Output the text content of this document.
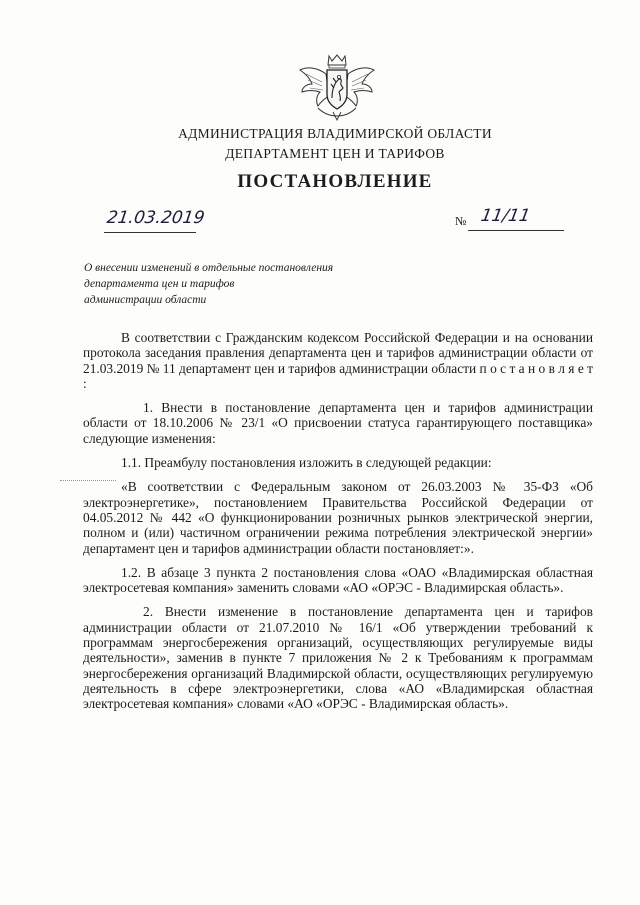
АДМИНИСТРАЦИЯ ВЛАДИМИРСКОЙ ОБЛАСТИ
ДЕПАРТАМЕНТ ЦЕН И ТАРИФОВ
ПОСТАНОВЛЕНИЕ
21.03.2019	№ 11/11
О внесении изменений в отдельные постановления
департамента цен и тарифов
администрации области

В соответствии с Гражданским кодексом Российской Федерации и на основании протокола заседания правления департамента цен и тарифов администрации области от 21.03.2019 № 11 департамент цен и тарифов администрации области п о с т а н о в л я е т :

1. Внести в постановление департамента цен и тарифов администрации области от 18.10.2006 № 23/1 «О присвоении статуса гарантирующего поставщика» следующие изменения:

1.1. Преамбулу постановления изложить в следующей редакции:

«В соответствии с Федеральным законом от 26.03.2003 № 35-ФЗ «Об электроэнергетике», постановлением Правительства Российской Федерации от 04.05.2012 № 442 «О функционировании розничных рынков электрической энергии, полном и (или) частичном ограничении режима потребления электрической энергии» департамент цен и тарифов администрации области постановляет:».

1.2. В абзаце 3 пункта 2 постановления слова «ОАО «Владимирская областная электросетевая компания» заменить словами «АО «ОРЭС - Владимирская область».

2. Внести изменение в постановление департамента цен и тарифов администрации области от 21.07.2010 № 16/1 «Об утверждении требований к программам энергосбережения организаций, осуществляющих регулируемые виды деятельности», заменив в пункте 7 приложения № 2 к Требованиям к программам энергосбережения организаций Владимирской области, осуществляющих регулируемую деятельность в сфере электроэнергетики, слова «АО «Владимирская областная электросетевая компания» словами «АО «ОРЭС - Владимирская область».
